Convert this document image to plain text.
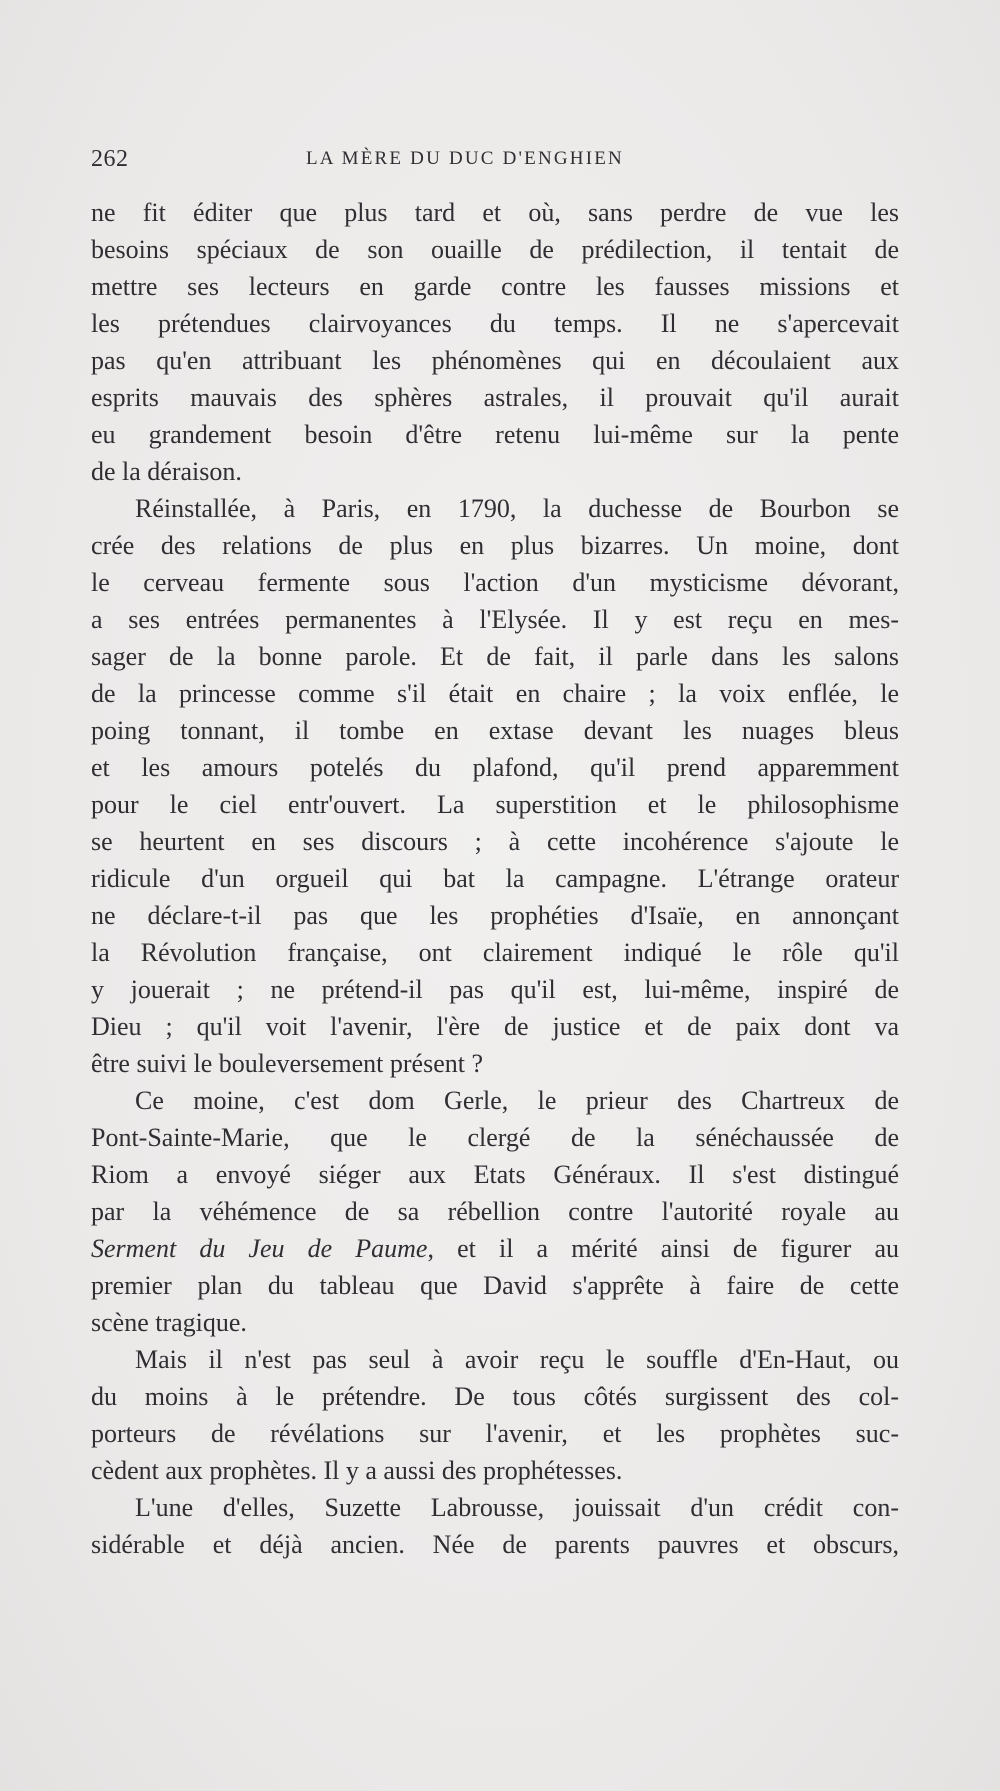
262	LA MÈRE DU DUC D'ENGHIEN
ne fit éditer que plus tard et où, sans perdre de vue les
besoins spéciaux de son ouaille de prédilection, il tentait de
mettre ses lecteurs en garde contre les fausses missions et
les prétendues clairvoyances du temps. Il ne s'apercevait
pas qu'en attribuant les phénomènes qui en découlaient aux
esprits mauvais des sphères astrales, il prouvait qu'il aurait
eu grandement besoin d'être retenu lui-même sur la pente
de la déraison.
Réinstallée, à Paris, en 1790, la duchesse de Bourbon se
crée des relations de plus en plus bizarres. Un moine, dont
le cerveau fermente sous l'action d'un mysticisme dévorant,
a ses entrées permanentes à l'Elysée. Il y est reçu en mes-
sager de la bonne parole. Et de fait, il parle dans les salons
de la princesse comme s'il était en chaire ; la voix enflée, le
poing tonnant, il tombe en extase devant les nuages bleus
et les amours potelés du plafond, qu'il prend apparemment
pour le ciel entr'ouvert. La superstition et le philosophisme
se heurtent en ses discours ; à cette incohérence s'ajoute le
ridicule d'un orgueil qui bat la campagne. L'étrange orateur
ne déclare-t-il pas que les prophéties d'Isaïe, en annonçant
la Révolution française, ont clairement indiqué le rôle qu'il
y jouerait ; ne prétend-il pas qu'il est, lui-même, inspiré de
Dieu ; qu'il voit l'avenir, l'ère de justice et de paix dont va
être suivi le bouleversement présent ?
Ce moine, c'est dom Gerle, le prieur des Chartreux de
Pont-Sainte-Marie, que le clergé de la sénéchaussée de
Riom a envoyé siéger aux Etats Généraux. Il s'est distingué
par la véhémence de sa rébellion contre l'autorité royale au
Serment du Jeu de Paume, et il a mérité ainsi de figurer au
premier plan du tableau que David s'apprête à faire de cette
scène tragique.
Mais il n'est pas seul à avoir reçu le souffle d'En-Haut, ou
du moins à le prétendre. De tous côtés surgissent des col-
porteurs de révélations sur l'avenir, et les prophètes suc-
cèdent aux prophètes. Il y a aussi des prophétesses.
L'une d'elles, Suzette Labrousse, jouissait d'un crédit con-
sidérable et déjà ancien. Née de parents pauvres et obscurs,
